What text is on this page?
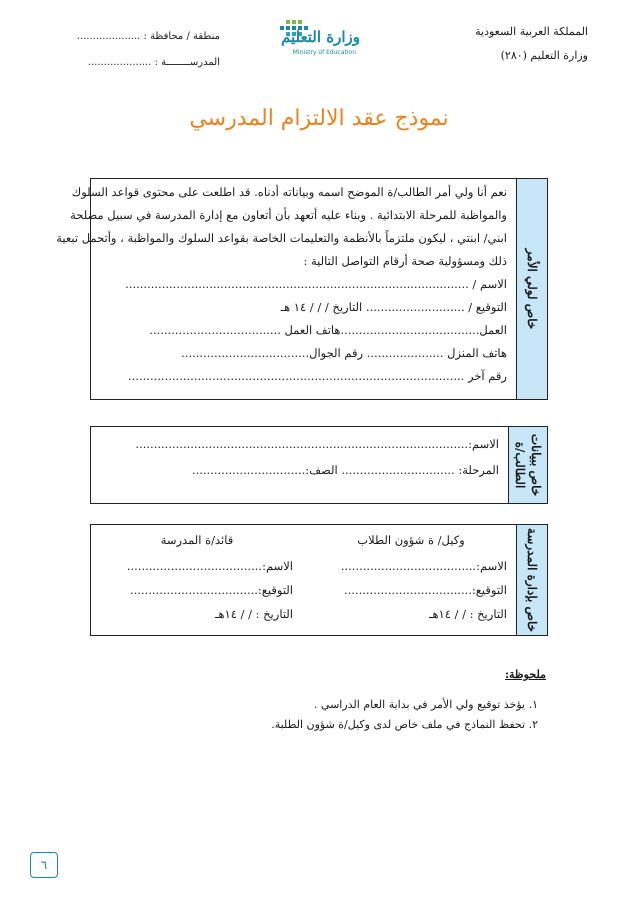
المملكة العربية السعودية
وزارة التعليم (٢٨٠)
وزارة التعليم
Ministry of Education
منطقة / محافظة : ....................
المدرســــــــة : ....................
نموذج عقد الالتزام المدرسي
خاص لولي الأمر
نعم أنا ولي أمر الطالب/ة الموضح اسمه وبياناته أدناه. قد اطلعت على محتوى قواعد السلوك
والمواظبة للمرحلة الابتدائية . وبناء عليه أتعهد بأن أتعاون مع إدارة المدرسة في سبيل مصلحة
ابني/ ابنتي ، ليكون ملتزماً بالأنظمة والتعليمات الخاصة بقواعد السلوك والمواظبة ، وأتحمل تبعية
ذلك ومسؤولية صحة أرقام التواصل التالية :
الاسم / ..............................................................................................
التوقيع / ........................... التاريخ / / / ١٤ هـ
العمل......................................هاتف العمل ....................................
هاتف المنزل ..................... رقم الجوال...................................
رقم آخر ............................................................................................
خاص ببيانات
الطالب/ة
الاسم:...........................................................................................
المرحلة: ............................... الصف:...............................
خاص بإدارة المدرسة
وكيل/ ة شؤون الطلاب
الاسم:.....................................
التوقيع:...................................
التاريخ : / / ١٤هـ
قائد/ة المدرسة
الاسم:.....................................
التوقيع:...................................
التاريخ : / / ١٤هـ
ملحوظة:
١. يؤخذ توقيع ولي الأمر في بداية العام الدراسي .
٢. تحفظ النماذج في ملف خاص لدى وكيل/ة شؤون الطلبة.
٦
